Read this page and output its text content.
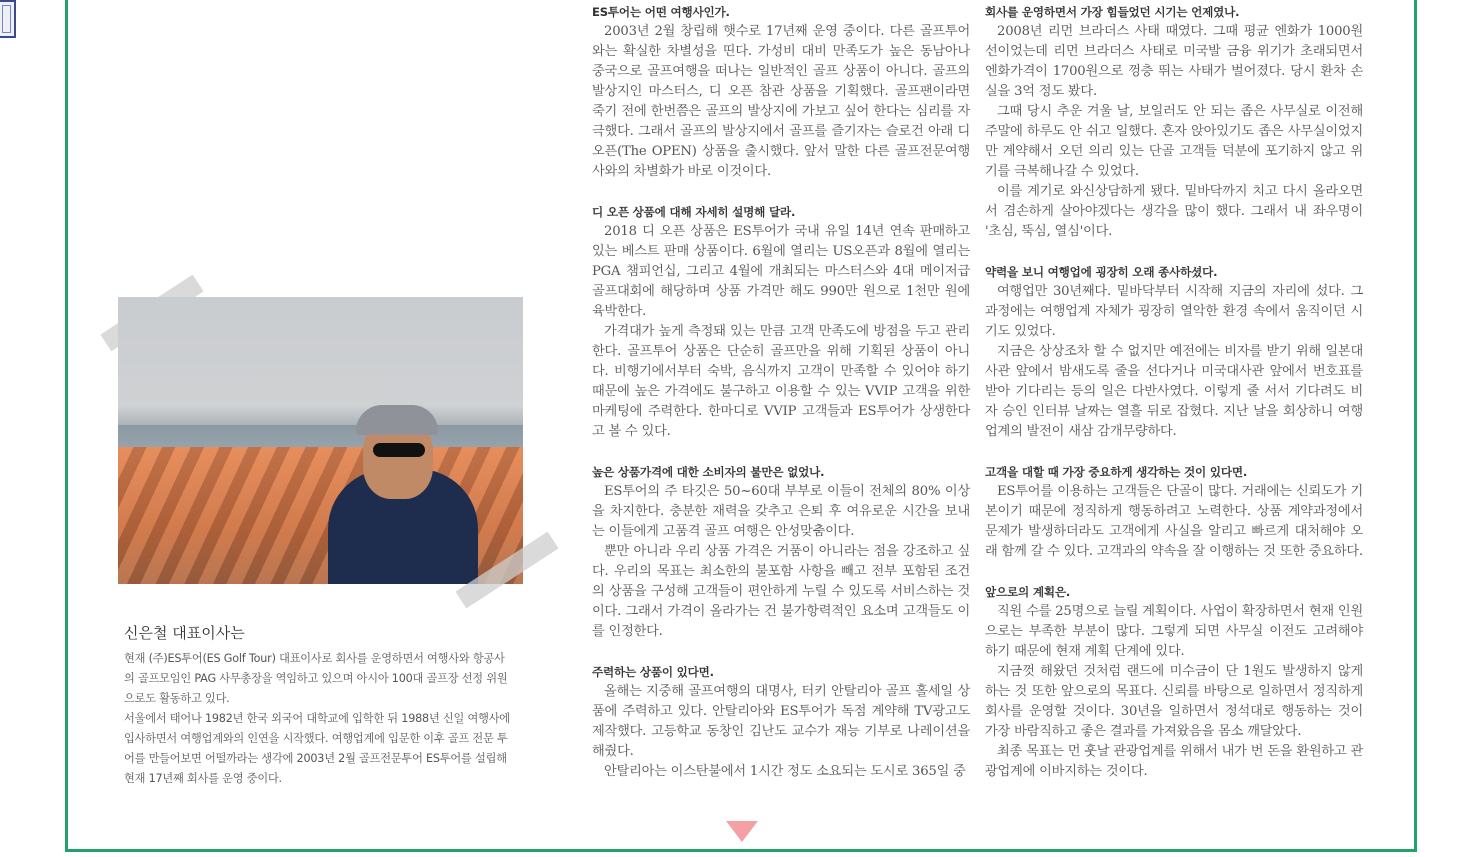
신은철 대표이사는

현재 (주)ES투어(ES Golf Tour) 대표이사로 회사를 운영하면서 여행사와 항공사의 골프모임인 PAG 사무총장을 역임하고 있으며 아시아 100대 골프장 선정 위원으로도 활동하고 있다.

서울에서 태어나 1982년 한국 외국어 대학교에 입학한 뒤 1988년 신일 여행사에 입사하면서 여행업계와의 인연을 시작했다. 여행업계에 입문한 이후 골프 전문 투어를 만들어보면 어떨까라는 생각에 2003년 2월 골프전문투어 ES투어를 설립해 현재 17년째 회사를 운영 중이다.

ES투어는 어떤 여행사인가.

2003년 2월 창립해 햇수로 17년째 운영 중이다. 다른 골프투어와는 확실한 차별성을 띤다. 가성비 대비 만족도가 높은 동남아나 중국으로 골프여행을 떠나는 일반적인 골프 상품이 아니다. 골프의 발상지인 마스터스, 디 오픈 참관 상품을 기획했다. 골프팬이라면 죽기 전에 한번쯤은 골프의 발상지에 가보고 싶어 한다는 심리를 자극했다. 그래서 골프의 발상지에서 골프를 즐기자는 슬로건 아래 디 오픈(The OPEN) 상품을 출시했다. 앞서 말한 다른 골프전문여행사와의 차별화가 바로 이것이다.

디 오픈 상품에 대해 자세히 설명해 달라.

2018 디 오픈 상품은 ES투어가 국내 유일 14년 연속 판매하고 있는 베스트 판매 상품이다. 6월에 열리는 US오픈과 8월에 열리는 PGA 챔피언십, 그리고 4월에 개최되는 마스터스와 4대 메이저급 골프대회에 해당하며 상품 가격만 해도 990만 원으로 1천만 원에 육박한다.

가격대가 높게 측정돼 있는 만큼 고객 만족도에 방점을 두고 관리한다. 골프투어 상품은 단순히 골프만을 위해 기획된 상품이 아니다. 비행기에서부터 숙박, 음식까지 고객이 만족할 수 있어야 하기 때문에 높은 가격에도 불구하고 이용할 수 있는 VVIP 고객을 위한 마케팅에 주력한다. 한마디로 VVIP 고객들과 ES투어가 상생한다고 볼 수 있다.

높은 상품가격에 대한 소비자의 불만은 없었나.

ES투어의 주 타깃은 50~60대 부부로 이들이 전체의 80% 이상을 차지한다. 충분한 재력을 갖추고 은퇴 후 여유로운 시간을 보내는 이들에게 고품격 골프 여행은 안성맞춤이다.

뿐만 아니라 우리 상품 가격은 거품이 아니라는 점을 강조하고 싶다. 우리의 목표는 최소한의 불포함 사항을 빼고 전부 포함된 조건의 상품을 구성해 고객들이 편안하게 누릴 수 있도록 서비스하는 것이다. 그래서 가격이 올라가는 건 불가항력적인 요소며 고객들도 이를 인정한다.

주력하는 상품이 있다면.

올해는 지중해 골프여행의 대명사, 터키 안탈리아 골프 홀세일 상품에 주력하고 있다. 안탈리아와 ES투어가 독점 계약해 TV광고도 제작했다. 고등학교 동창인 김난도 교수가 재능 기부로 나레이션을 해줬다.

안탈리아는 이스탄불에서 1시간 정도 소요되는 도시로 365일 중

회사를 운영하면서 가장 힘들었던 시기는 언제였나.

2008년 리먼 브라더스 사태 때였다. 그때 평균 엔화가 1000원 선이었는데 리먼 브라더스 사태로 미국발 금융 위기가 초래되면서 엔화가격이 1700원으로 껑충 뛰는 사태가 벌어졌다. 당시 환차 손실을 3억 정도 봤다.

그때 당시 추운 겨울 날, 보일러도 안 되는 좁은 사무실로 이전해 주말에 하루도 안 쉬고 일했다. 혼자 앉아있기도 좁은 사무실이었지만 계약해서 오던 의리 있는 단골 고객들 덕분에 포기하지 않고 위기를 극복해나갈 수 있었다.

이를 계기로 와신상담하게 됐다. 밑바닥까지 치고 다시 올라오면서 겸손하게 살아야겠다는 생각을 많이 했다. 그래서 내 좌우명이 '초심, 뚝심, 열심'이다.

약력을 보니 여행업에 굉장히 오래 종사하셨다.

여행업만 30년째다. 밑바닥부터 시작해 지금의 자리에 섰다. 그 과정에는 여행업계 자체가 굉장히 열악한 환경 속에서 움직이던 시기도 있었다.

지금은 상상조차 할 수 없지만 예전에는 비자를 받기 위해 일본대사관 앞에서 밤새도록 줄을 선다거나 미국대사관 앞에서 번호표를 받아 기다리는 등의 일은 다반사였다. 이렇게 줄 서서 기다려도 비자 승인 인터뷰 날짜는 열흘 뒤로 잡혔다. 지난 날을 회상하니 여행업계의 발전이 새삼 감개무량하다.

고객을 대할 때 가장 중요하게 생각하는 것이 있다면.

ES투어를 이용하는 고객들은 단골이 많다. 거래에는 신뢰도가 기본이기 때문에 정직하게 행동하려고 노력한다. 상품 계약과정에서 문제가 발생하더라도 고객에게 사실을 알리고 빠르게 대처해야 오래 함께 갈 수 있다. 고객과의 약속을 잘 이행하는 것 또한 중요하다.

앞으로의 계획은.

직원 수를 25명으로 늘릴 계획이다. 사업이 확장하면서 현재 인원으로는 부족한 부분이 많다. 그렇게 되면 사무실 이전도 고려해야 하기 때문에 현재 계획 단계에 있다.

지금껏 해왔던 것처럼 랜드에 미수금이 단 1원도 발생하지 않게 하는 것 또한 앞으로의 목표다. 신뢰를 바탕으로 일하면서 정직하게 회사를 운영할 것이다. 30년을 일하면서 정석대로 행동하는 것이 가장 바람직하고 좋은 결과를 가져왔음을 몸소 깨달았다.

최종 목표는 먼 훗날 관광업계를 위해서 내가 번 돈을 환원하고 관광업계에 이바지하는 것이다.
